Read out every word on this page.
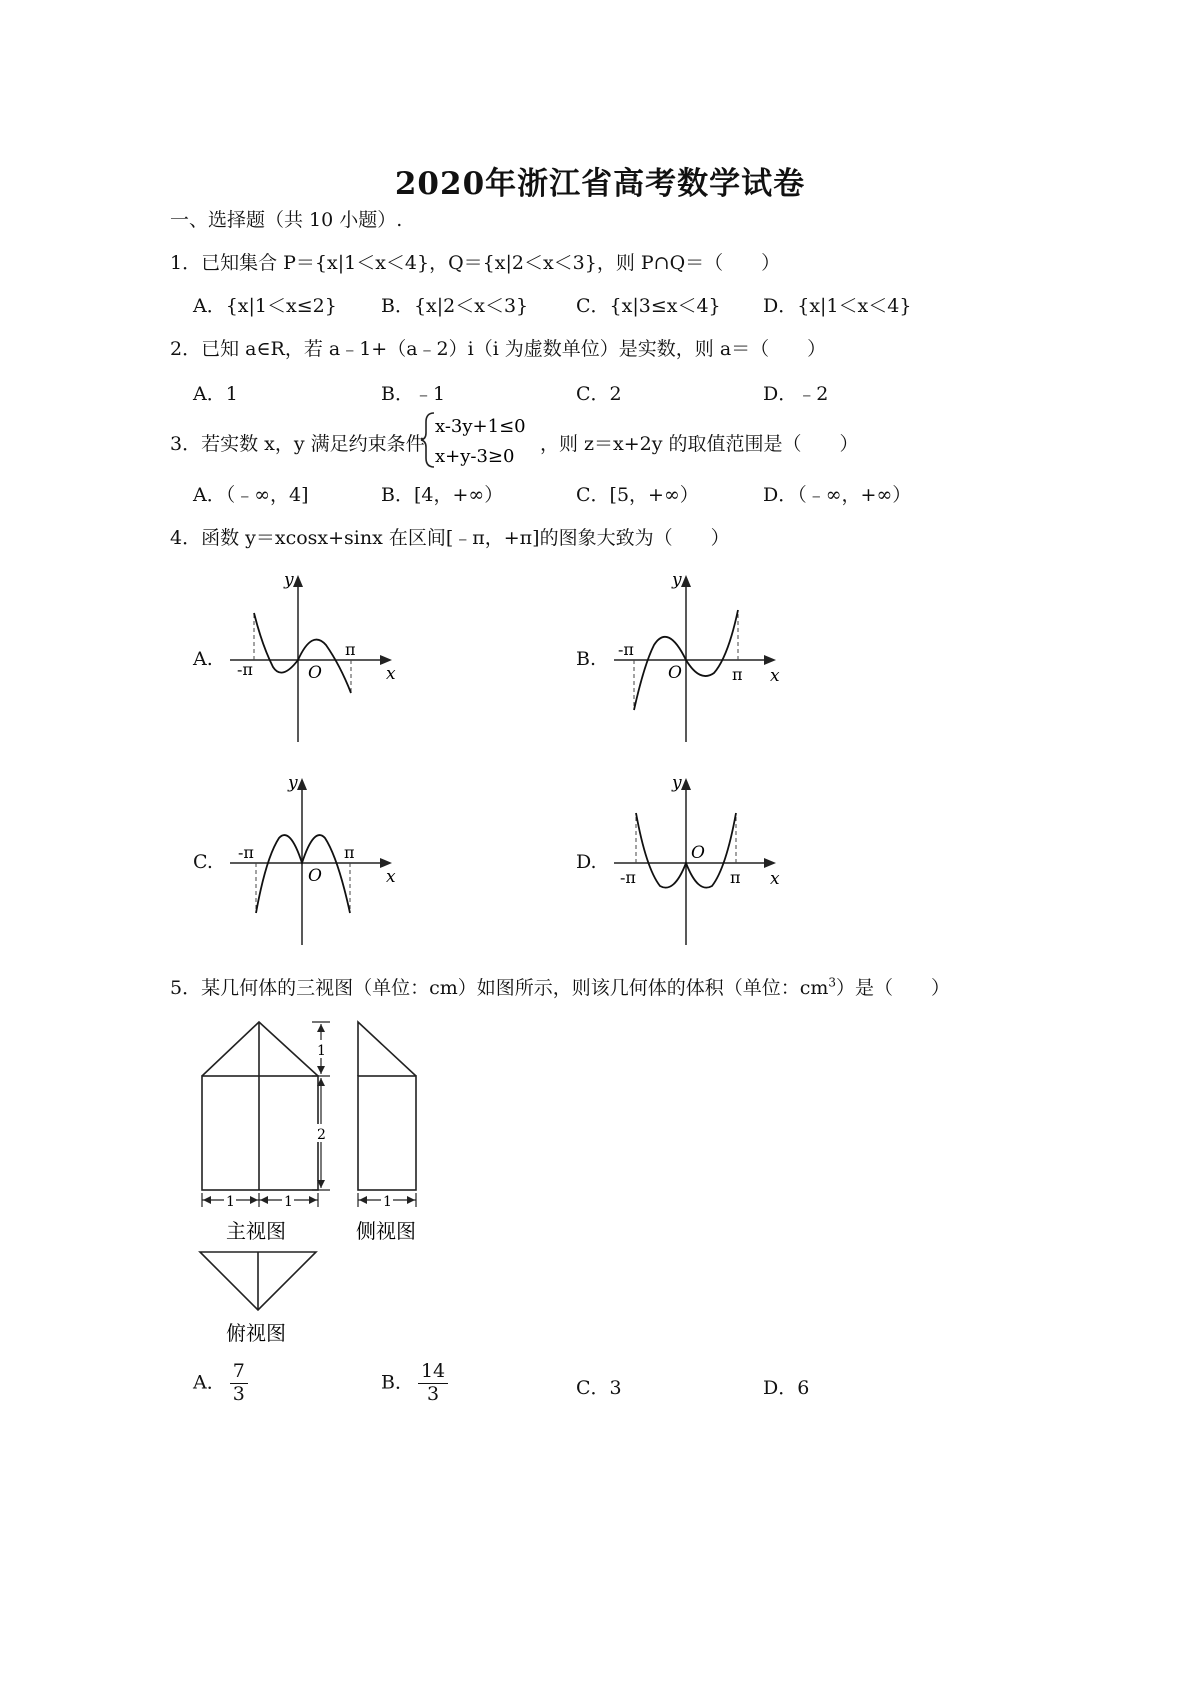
2020年浙江省高考数学试卷
一、选择题（共 10 小题）.
1．已知集合 P＝{x|1＜x＜4}，Q＝{x|2＜x＜3}，则 P∩Q＝（　　）
A．{x|1＜x≤2} B．{x|2＜x＜3}	C．{x|3≤x＜4} D．{x|1＜x＜4}
2．已知 a∈R，若 a﹣1+（a﹣2）i（i 为虚数单位）是实数，则 a＝（　　）
A．1	B．﹣1	C．2	D．﹣2
3．若实数 x，y 满足约束条件
x-3y+1≤0
x+y-3≥0
，则 z＝x+2y 的取值范围是（　　）
A．（﹣∞，4]	B．[4，+∞）	C．[5，+∞）	D．（﹣∞，+∞）
4．函数 y＝xcosx+sinx 在区间[﹣π，+π]的图象大致为（　　）
A.	B.
C.	D.
y
x
O
-π
π
y
x
O
-π
π
y
x
O
-π	π
y
x
O
-π	π
5．某几何体的三视图（单位：cm）如图所示，则该几何体的体积（单位：$cm^3$）是（　　）
1
2
1	1
主视图
1
侧视图
俯视图
A． $\frac{7}{3}$	B． $\frac{14}{3}$	C．3	D．6
